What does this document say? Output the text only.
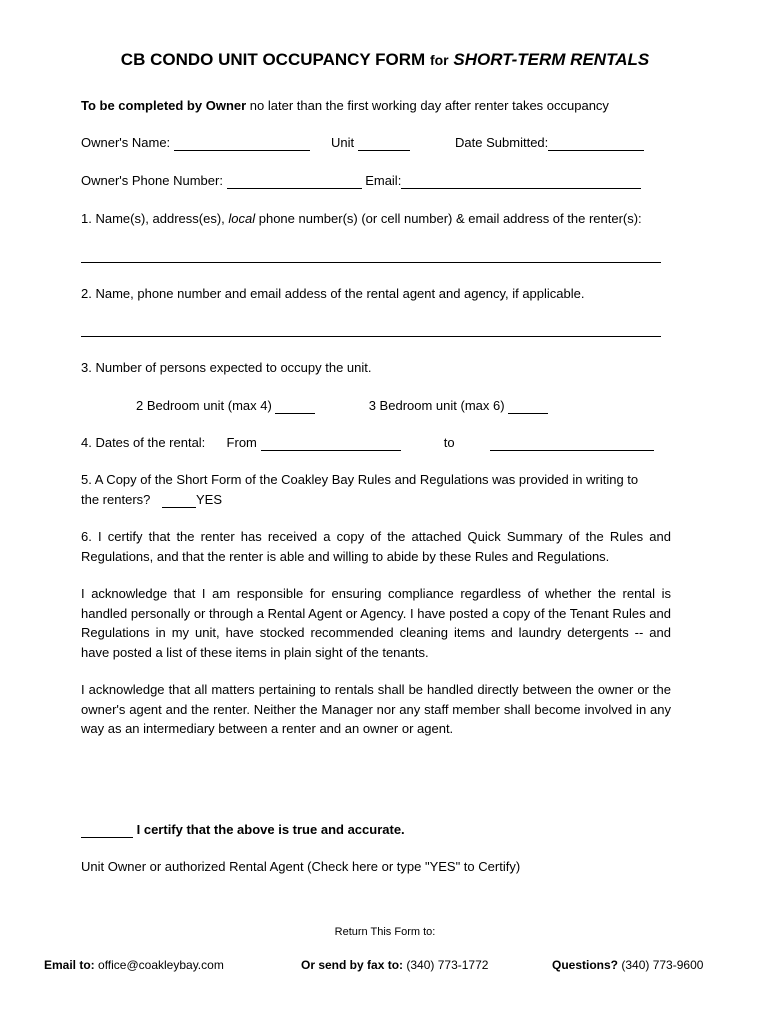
CB CONDO UNIT OCCUPANCY FORM for SHORT-TERM RENTALS
To be completed by Owner no later than the first working day after renter takes occupancy
Owner's Name:	Unit	Date Submitted:
Owner's Phone Number:	Email:
1. Name(s), address(es), local phone number(s) (or cell number) & email address of the renter(s):
2. Name, phone number and email addess of the rental agent and agency, if applicable.
3. Number of persons expected to occupy the unit.
2 Bedroom unit (max 4)	3 Bedroom unit (max 6)
4. Dates of the rental: From	to
5. A Copy of the Short Form of the Coakley Bay Rules and Regulations was provided in writing to
the renters?	YES
6. I certify that the renter has received a copy of the attached Quick Summary of the Rules and Regulations, and that the renter is able and willing to abide by these Rules and Regulations.
I acknowledge that I am responsible for ensuring compliance regardless of whether the rental is handled personally or through a Rental Agent or Agency. I have posted a copy of the Tenant Rules and Regulations in my unit, have stocked recommended cleaning items and laundry detergents -- and have posted a list of these items in plain sight of the tenants.
I acknowledge that all matters pertaining to rentals shall be handled directly between the owner or the owner's agent and the renter. Neither the Manager nor any staff member shall become involved in any way as an intermediary between a renter and an owner or agent.
I certify that the above is true and accurate.
Unit Owner or authorized Rental Agent (Check here or type "YES" to Certify)
Return This Form to:
Email to: office@coakleybay.com	Or send by fax to: (340) 773-1772	Questions? (340) 773-9600
